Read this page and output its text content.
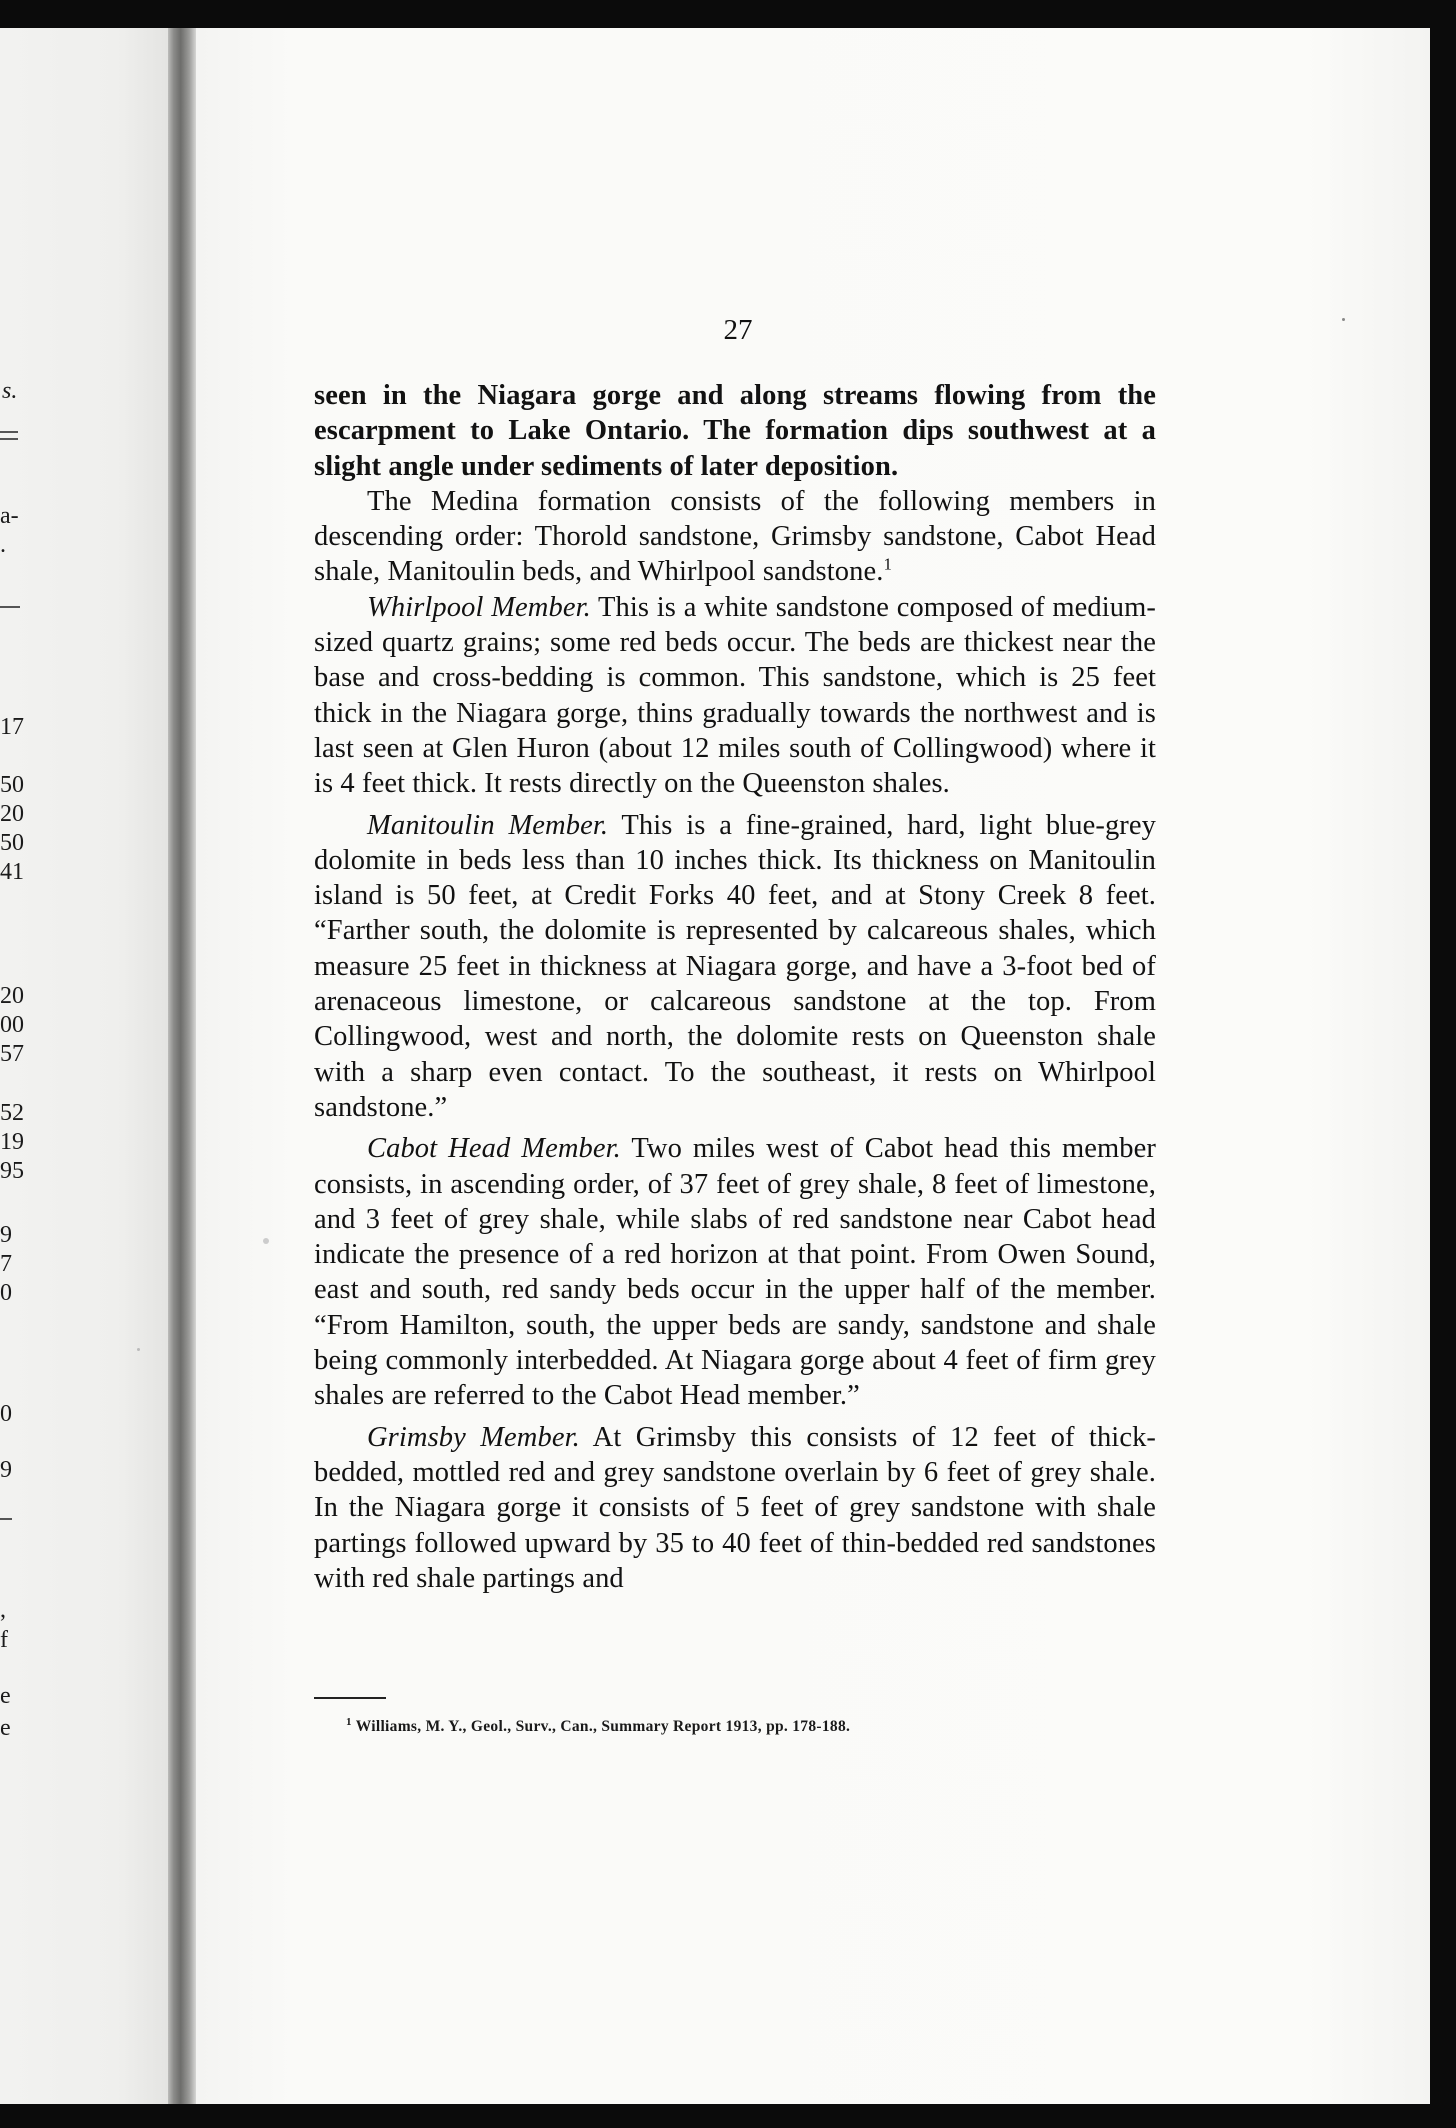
s.
a-
.
17
50
20
50
41
20
00
57
52
19
95
9
7
0
0
9
,
f
e
e
27

seen in the Niagara gorge and along streams flowing from the escarpment to Lake Ontario. The formation dips southwest at a slight angle under sediments of later deposition.

The Medina formation consists of the following members in descending order: Thorold sandstone, Grimsby sandstone, Cabot Head shale, Manitoulin beds, and Whirlpool sandstone.$^1$

Whirlpool Member. This is a white sandstone composed of medium-sized quartz grains; some red beds occur. The beds are thickest near the base and cross-bedding is common. This sandstone, which is 25 feet thick in the Niagara gorge, thins gradually towards the northwest and is last seen at Glen Huron (about 12 miles south of Collingwood) where it is 4 feet thick. It rests directly on the Queenston shales.

Manitoulin Member. This is a fine-grained, hard, light blue-grey dolomite in beds less than 10 inches thick. Its thickness on Manitoulin island is 50 feet, at Credit Forks 40 feet, and at Stony Creek 8 feet. “Farther south, the dolomite is represented by calcareous shales, which measure 25 feet in thickness at Niagara gorge, and have a 3-foot bed of arenaceous limestone, or calcareous sandstone at the top. From Collingwood, west and north, the dolomite rests on Queenston shale with a sharp even contact. To the southeast, it rests on Whirlpool sandstone.”

Cabot Head Member. Two miles west of Cabot head this member consists, in ascending order, of 37 feet of grey shale, 8 feet of limestone, and 3 feet of grey shale, while slabs of red sandstone near Cabot head indicate the presence of a red horizon at that point. From Owen Sound, east and south, red sandy beds occur in the upper half of the member. “From Hamilton, south, the upper beds are sandy, sandstone and shale being commonly interbedded. At Niagara gorge about 4 feet of firm grey shales are referred to the Cabot Head member.”

Grimsby Member. At Grimsby this consists of 12 feet of thick-bedded, mottled red and grey sandstone overlain by 6 feet of grey shale. In the Niagara gorge it consists of 5 feet of grey sandstone with shale partings followed upward by 35 to 40 feet of thin-bedded red sandstones with red shale partings and

$^1$ Williams, M. Y., Geol., Surv., Can., Summary Report 1913, pp. 178-188.
